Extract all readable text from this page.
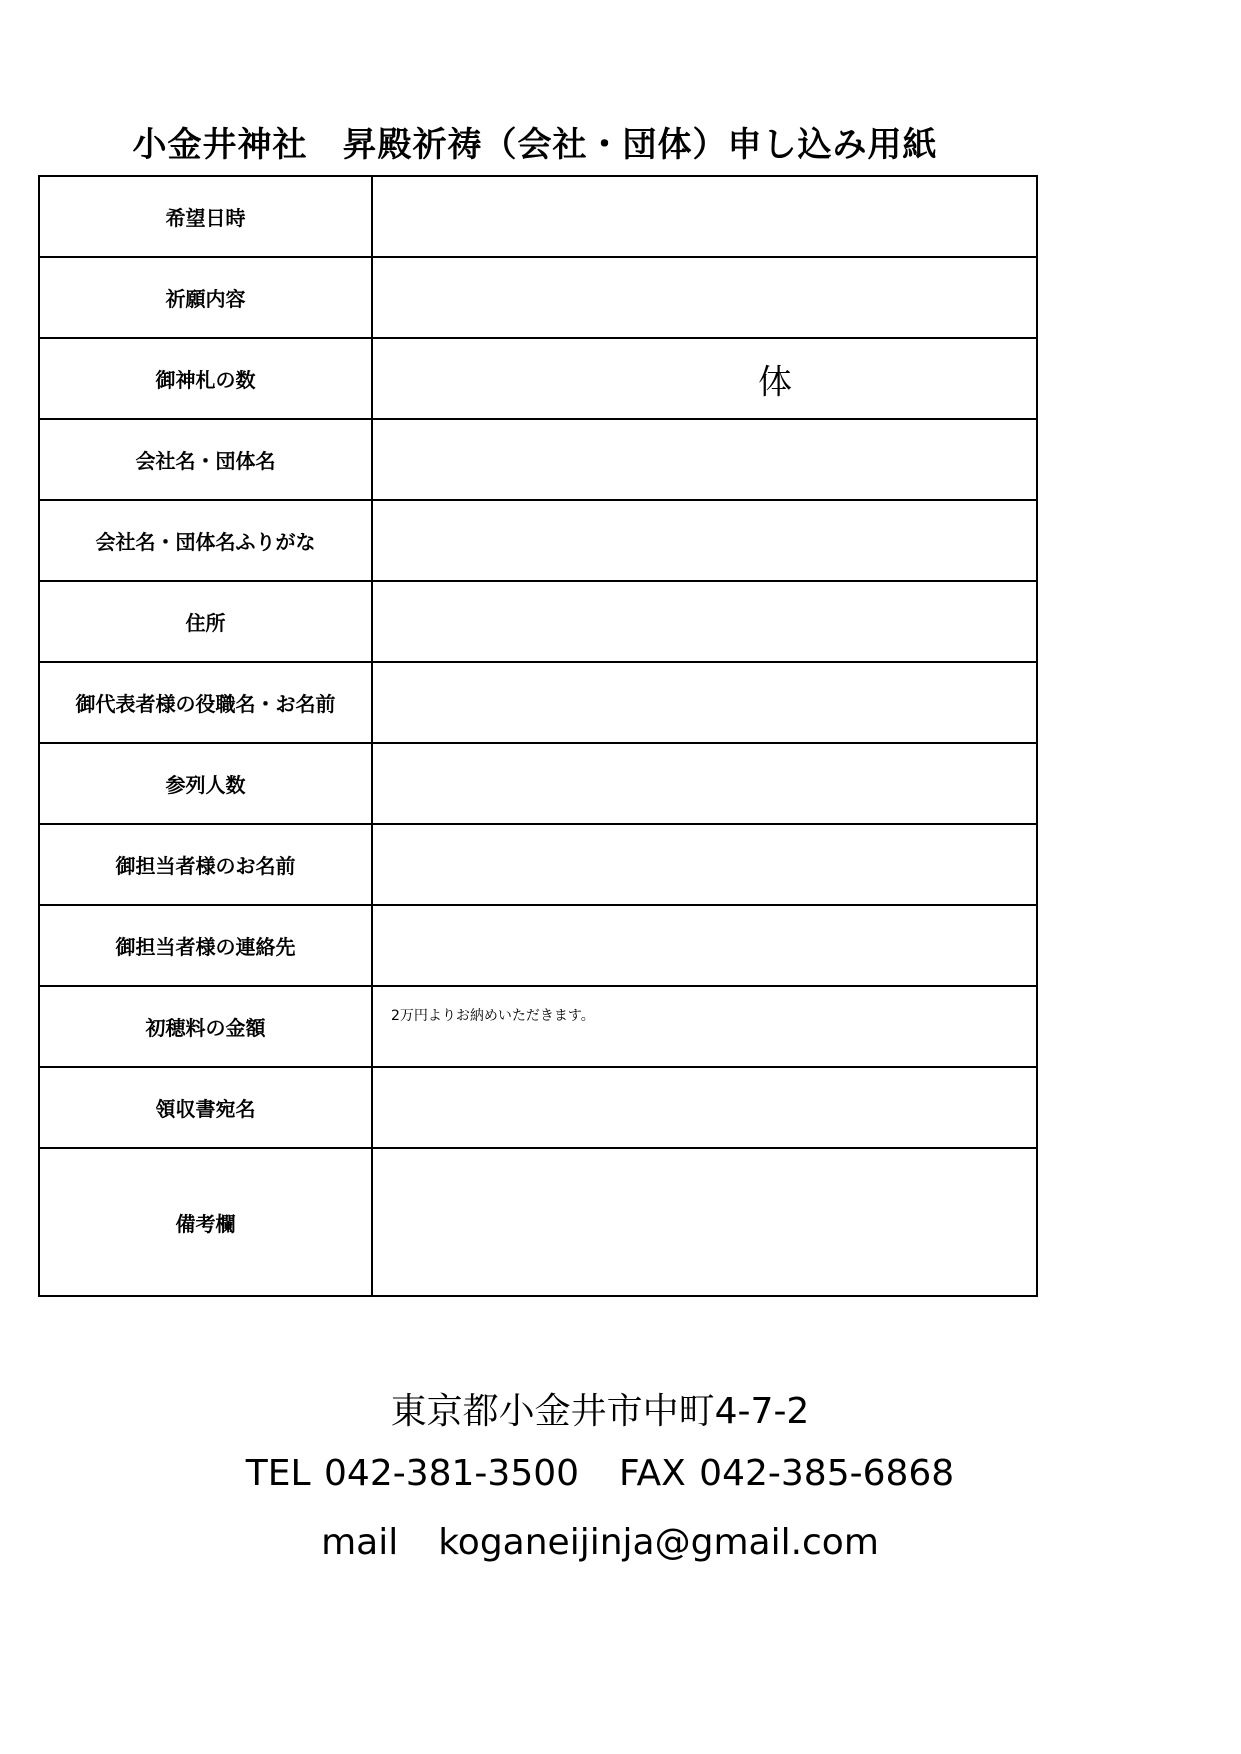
小金井神社　昇殿祈祷（会社・団体）申し込み用紙
希望日時	
祈願内容	
御神札の数	体

会社名・団体名	
会社名・団体名ふりがな	
住所	
御代表者様の役職名・お名前	
参列人数	
御担当者様のお名前	
御担当者様の連絡先	
初穂料の金額	2万円よりお納めいただきます。

領収書宛名	
備考欄	
東京都小金井市中町4-7-2
TEL 042-381-3500 FAX 042-385-6868
mail koganeijinja@gmail.com
